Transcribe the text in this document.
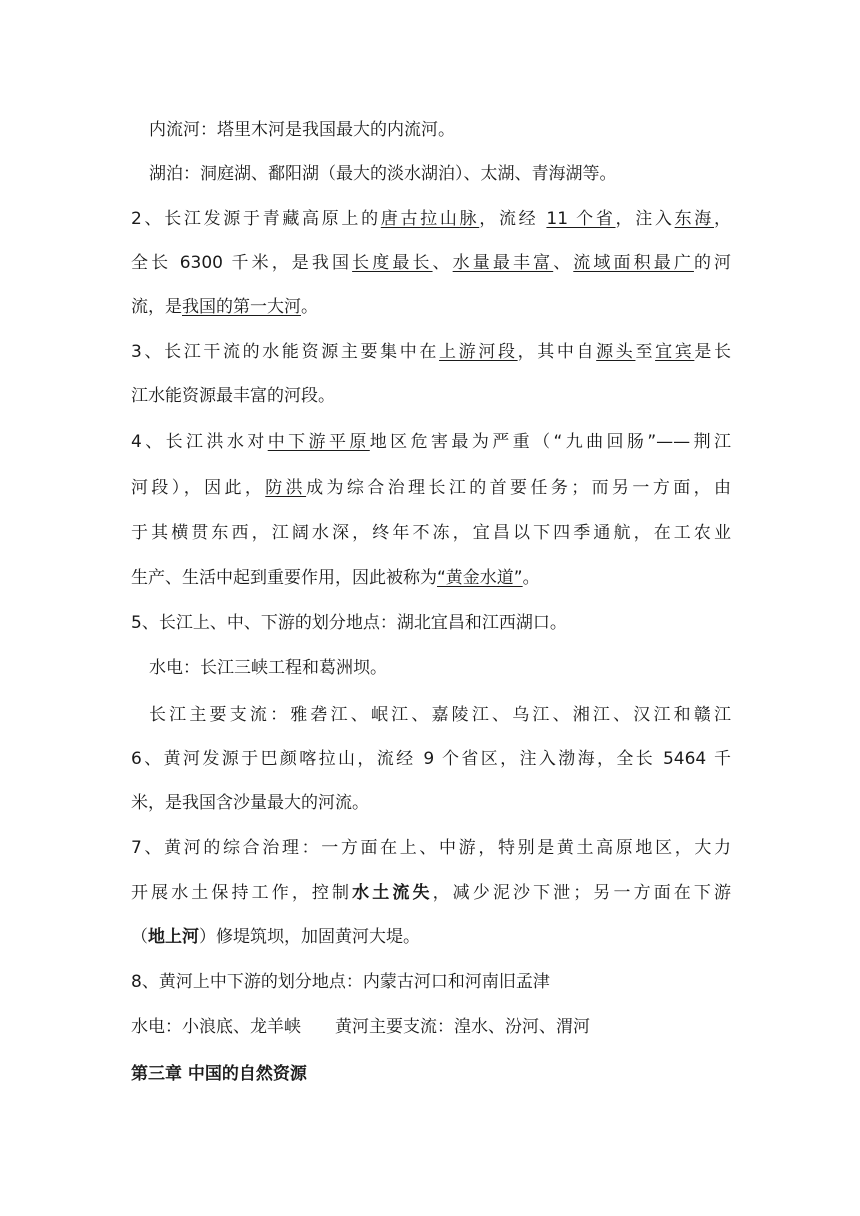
内流河：塔里木河是我国最大的内流河。
湖泊：洞庭湖、鄱阳湖（最大的淡水湖泊）、太湖、青海湖等。
2、长江发源于青藏高原上的唐古拉山脉，流经 11 个省，注入东海，
全长 6300 千米，是我国长度最长、水量最丰富、流域面积最广的河
流，是我国的第一大河。
3、长江干流的水能资源主要集中在上游河段，其中自源头至宜宾是长
江水能资源最丰富的河段。
4、长江洪水对中下游平原地区危害最为严重（“九曲回肠”——荆江
河段），因此，防洪成为综合治理长江的首要任务；而另一方面，由
于其横贯东西，江阔水深，终年不冻，宜昌以下四季通航，在工农业
生产、生活中起到重要作用，因此被称为“黄金水道”。
5、长江上、中、下游的划分地点：湖北宜昌和江西湖口。
水电：长江三峡工程和葛洲坝。
长江主要支流：雅砻江、岷江、嘉陵江、乌江、湘江、汉江和赣江
6、黄河发源于巴颜喀拉山，流经 9 个省区，注入渤海，全长 5464 千
米，是我国含沙量最大的河流。
7、黄河的综合治理：一方面在上、中游，特别是黄土高原地区，大力
开展水土保持工作，控制水土流失，减少泥沙下泄；另一方面在下游
（地上河）修堤筑坝，加固黄河大堤。
8、黄河上中下游的划分地点：内蒙古河口和河南旧孟津
水电：小浪底、龙羊峡　　黄河主要支流：湟水、汾河、渭河
第三章 中国的自然资源
